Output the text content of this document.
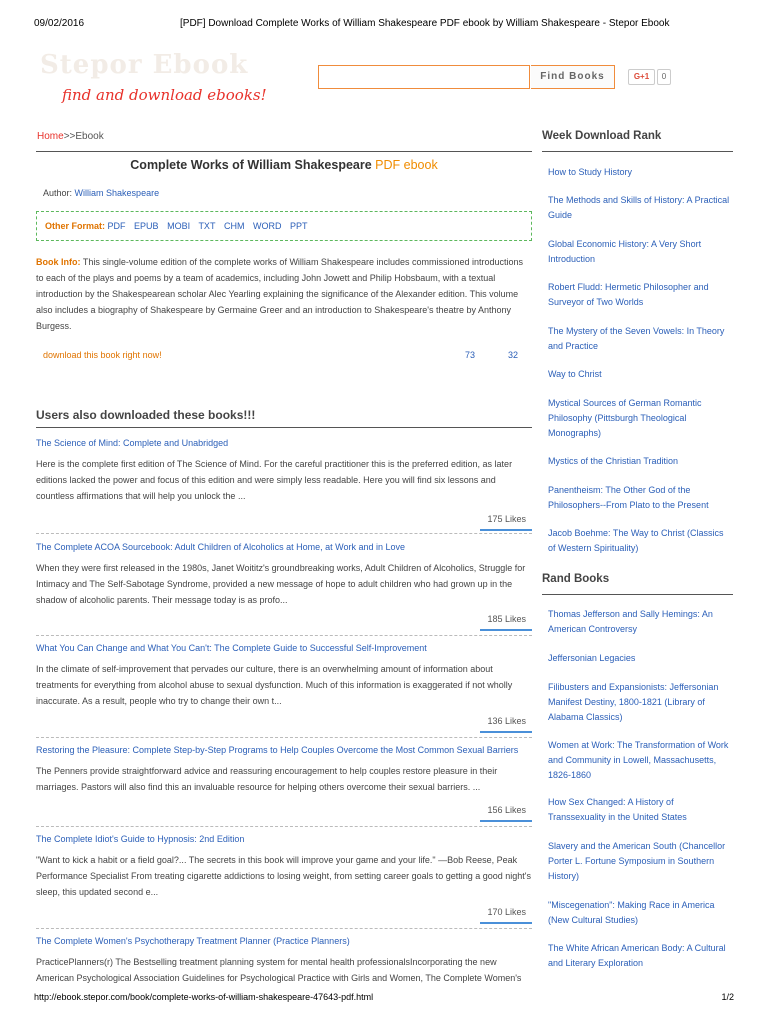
09/02/2016	[PDF] Download Complete Works of William Shakespeare PDF ebook by William Shakespeare - Stepor Ebook
Stepor Ebook
find and download ebooks!
Find Books	G+1	0
Home>>Ebook
Complete Works of William Shakespeare PDF ebook
Author: William Shakespeare
Other Format: PDF EPUB MOBI TXT CHM WORD PPT
Book Info: This single-volume edition of the complete works of William Shakespeare includes commissioned introductions to each of the plays and poems by a team of academics, including John Jowett and Philip Hobsbaum, with a textual introduction by the Shakespearean scholar Alec Yearling explaining the significance of the Alexander edition. This volume also includes a biography of Shakespeare by Germaine Greer and an introduction to Shakespeare's theatre by Anthony Burgess.
download this book right now!	73	32
Users also downloaded these books!!!
The Science of Mind: Complete and Unabridged
Here is the complete first edition of The Science of Mind. For the careful practitioner this is the preferred edition, as later editions lacked the power and focus of this edition and were simply less readable. Here you will find six lessons and countless affirmations that will help you unlock the ...
175 Likes
The Complete ACOA Sourcebook: Adult Children of Alcoholics at Home, at Work and in Love
When they were first released in the 1980s, Janet Woititz's groundbreaking works, Adult Children of Alcoholics, Struggle for Intimacy and The Self-Sabotage Syndrome, provided a new message of hope to adult children who had grown up in the shadow of alcoholic parents. Their message today is as profo...
185 Likes
What You Can Change and What You Can't: The Complete Guide to Successful Self-Improvement
In the climate of self-improvement that pervades our culture, there is an overwhelming amount of information about treatments for everything from alcohol abuse to sexual dysfunction. Much of this information is exaggerated if not wholly inaccurate. As a result, people who try to change their own t...
136 Likes
Restoring the Pleasure: Complete Step-by-Step Programs to Help Couples Overcome the Most Common Sexual Barriers
The Penners provide straightforward advice and reassuring encouragement to help couples restore pleasure in their marriages. Pastors will also find this an invaluable resource for helping others overcome their sexual barriers. ...
156 Likes
The Complete Idiot's Guide to Hypnosis: 2nd Edition
"Want to kick a habit or a field goal?... The secrets in this book will improve your game and your life." —Bob Reese, Peak Performance Specialist From treating cigarette addictions to losing weight, from setting career goals to getting a good night's sleep, this updated second e...
170 Likes
The Complete Women's Psychotherapy Treatment Planner (Practice Planners)
PracticePlanners(r) The Bestselling treatment planning system for mental health professionalsIncorporating the new American Psychological Association Guidelines for Psychological Practice with Girls and Women, The Complete Women's
Week Download Rank
How to Study History
The Methods and Skills of History: A Practical Guide
Global Economic History: A Very Short Introduction
Robert Fludd: Hermetic Philosopher and Surveyor of Two Worlds
The Mystery of the Seven Vowels: In Theory and Practice
Way to Christ
Mystical Sources of German Romantic Philosophy (Pittsburgh Theological Monographs)
Mystics of the Christian Tradition
Panentheism: The Other God of the Philosophers--From Plato to the Present
Jacob Boehme: The Way to Christ (Classics of Western Spirituality)
Rand Books
Thomas Jefferson and Sally Hemings: An American Controversy
Jeffersonian Legacies
Filibusters and Expansionists: Jeffersonian Manifest Destiny, 1800-1821 (Library of Alabama Classics)
Women at Work: The Transformation of Work and Community in Lowell, Massachusetts, 1826-1860
How Sex Changed: A History of Transsexuality in the United States
Slavery and the American South (Chancellor Porter L. Fortune Symposium in Southern History)
"Miscegenation": Making Race in America (New Cultural Studies)
The White African American Body: A Cultural and Literary Exploration
http://ebook.stepor.com/book/complete-works-of-william-shakespeare-47643-pdf.html	1/2
